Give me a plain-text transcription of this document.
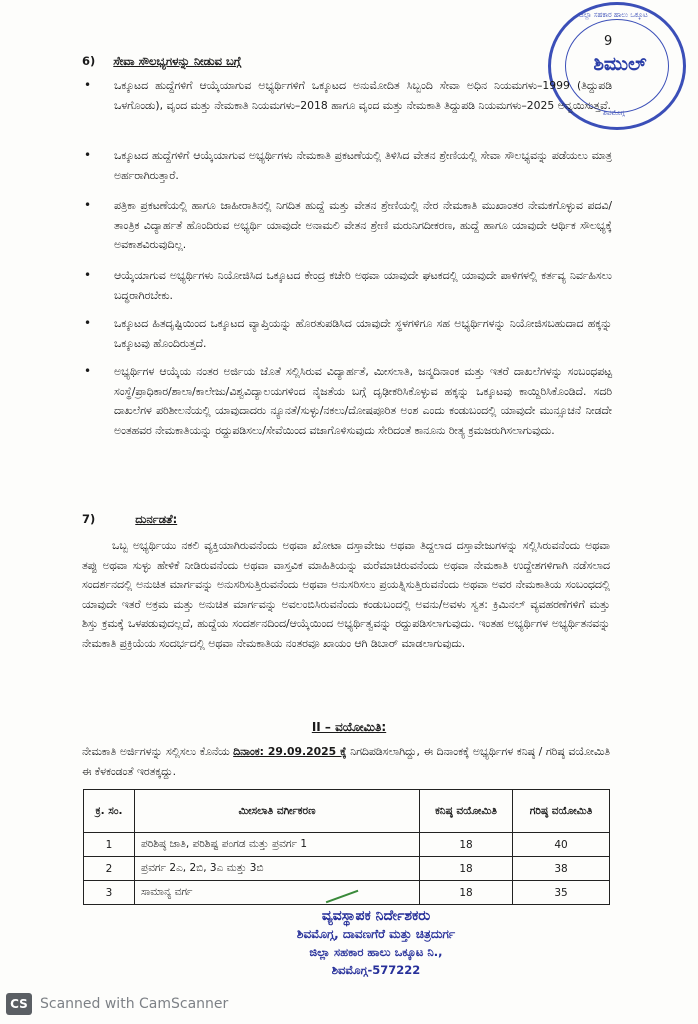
ಜಿಲ್ಲಾ ಸಹಕಾರ ಹಾಲು ಒಕ್ಕೂಟ
ಶಿಮುಲ್
ಶಿವಮೊಗ್ಗ
9
6) ಸೇವಾ ಸೌಲಭ್ಯಗಳನ್ನು ನೀಡುವ ಬಗ್ಗೆ
• ಒಕ್ಕೂಟದ ಹುದ್ದೆಗಳಿಗೆ ಆಯ್ಕೆಯಾಗುವ ಅಭ್ಯರ್ಥಿಗಳಿಗೆ ಒಕ್ಕೂಟದ ಅನುಮೋದಿತ ಸಿಬ್ಬಂದಿ ಸೇವಾ ಅಧಿನ ನಿಯಮಗಳು–1999 (ತಿದ್ದುಪಡಿ ಒಳಗೊಂಡು), ವೃಂದ ಮತ್ತು ನೇಮಕಾತಿ ನಿಯಮಗಳು–2018 ಹಾಗೂ ವೃಂದ ಮತ್ತು ನೇಮಕಾತಿ ತಿದ್ದುಪಡಿ ನಿಯಮಗಳು–2025 ಅನ್ವಯಿಸುತ್ತವೆ.
• ಒಕ್ಕೂಟದ ಹುದ್ದೆಗಳಿಗೆ ಆಯ್ಕೆಯಾಗುವ ಅಭ್ಯರ್ಥಿಗಳು ನೇಮಕಾತಿ ಪ್ರಕಟಣೆಯಲ್ಲಿ ತಿಳಿಸಿದ ವೇತನ ಶ್ರೇಣಿಯಲ್ಲಿ ಸೇವಾ ಸೌಲಭ್ಯವನ್ನು ಪಡೆಯಲು ಮಾತ್ರ ಅರ್ಹರಾಗಿರುತ್ತಾರೆ.
• ಪತ್ರಿಕಾ ಪ್ರಕಟಣೆಯಲ್ಲಿ ಹಾಗೂ ಜಾಹೀರಾತಿನಲ್ಲಿ ನಿಗದಿತ ಹುದ್ದೆ ಮತ್ತು ವೇತನ ಶ್ರೇಣಿಯಲ್ಲಿ ನೇರ ನೇಮಕಾತಿ ಮುಖಾಂತರ ನೇಮಕಗೊಳ್ಳುವ ಪದವಿ/ತಾಂತ್ರಿಕ ವಿದ್ಯಾರ್ಹತೆ ಹೊಂದಿರುವ ಅಭ್ಯರ್ಥಿ ಯಾವುದೇ ಅನಾಮಲಿ ವೇತನ ಶ್ರೇಣಿ ಮರುನಿಗದೀಕರಣ, ಹುದ್ದೆ ಹಾಗೂ ಯಾವುದೇ ಆರ್ಥಿಕ ಸೌಲಭ್ಯಕ್ಕೆ ಅವಕಾಶವಿರುವುದಿಲ್ಲ.
• ಆಯ್ಕೆಯಾಗುವ ಅಭ್ಯರ್ಥಿಗಳು ನಿಯೋಜಿಸಿದ ಒಕ್ಕೂಟದ ಕೇಂದ್ರ ಕಚೇರಿ ಅಥವಾ ಯಾವುದೇ ಘಟಕದಲ್ಲಿ ಯಾವುದೇ ಪಾಳಿಗಳಲ್ಲಿ ಕರ್ತವ್ಯ ನಿರ್ವಹಿಸಲು ಬದ್ಧರಾಗಿರಬೇಕು.
• ಒಕ್ಕೂಟದ ಹಿತದೃಷ್ಟಿಯಿಂದ ಒಕ್ಕೂಟದ ವ್ಯಾಪ್ತಿಯನ್ನು ಹೊರತುಪಡಿಸಿದ ಯಾವುದೇ ಸ್ಥಳಗಳಿಗೂ ಸಹ ಅಭ್ಯರ್ಥಿಗಳನ್ನು ನಿಯೋಜಿಸಬಹುದಾದ ಹಕ್ಕನ್ನು ಒಕ್ಕೂಟವು ಹೊಂದಿರುತ್ತದೆ.
• ಅಭ್ಯರ್ಥಿಗಳ ಆಯ್ಕೆಯ ನಂತರ ಅರ್ಜಿಯ ಜೊತೆ ಸಲ್ಲಿಸಿರುವ ವಿದ್ಯಾರ್ಹತೆ, ಮೀಸಲಾತಿ, ಜನ್ಮದಿನಾಂಕ ಮತ್ತು ಇತರೆ ದಾಖಲೆಗಳನ್ನು ಸಂಬಂಧಪಟ್ಟ ಸಂಸ್ಥೆ/ಪ್ರಾಧಿಕಾರ/ಶಾಲಾ/ಕಾಲೇಜು/ವಿಶ್ವವಿದ್ಯಾಲಯಗಳಿಂದ ನೈಜತೆಯ ಬಗ್ಗೆ ದೃಢೀಕರಿಸಿಕೊಳ್ಳುವ ಹಕ್ಕನ್ನು ಒಕ್ಕೂಟವು ಕಾಯ್ದಿರಿಸಿಕೊಂಡಿದೆ. ಸದರಿ ದಾಖಲೆಗಳ ಪರಿಶೀಲನೆಯಲ್ಲಿ ಯಾವುದಾದರು ನ್ಯೂನತೆ/ಸುಳ್ಳು/ನಕಲು/ದೋಷಪೂರಿತ ಅಂಶ ಎಂದು ಕಂಡುಬಂದಲ್ಲಿ ಯಾವುದೇ ಮುನ್ಸೂಚನೆ ನೀಡದೇ ಅಂತಹವರ ನೇಮಕಾತಿಯನ್ನು ರದ್ದುಪಡಿಸಲು/ಸೇವೆಯಿಂದ ವಜಾಗೊಳಿಸುವುದು ಸೇರಿದಂತೆ ಕಾನೂನು ರೀತ್ಯ ಕ್ರಮಜರುಗಿಸಲಾಗುವುದು.
7)	ದುರ್ನಡತೆ:
ಒಬ್ಬ ಅಭ್ಯರ್ಥಿಯು ನಕಲಿ ವ್ಯಕ್ತಿಯಾಗಿರುವನೆಂದು ಅಥವಾ ಖೋಟಾ ದಸ್ತಾವೇಜು ಅಥವಾ ತಿದ್ದಲಾದ ದಸ್ತಾವೇಜುಗಳನ್ನು ಸಲ್ಲಿಸಿರುವನೆಂದು ಅಥವಾ ತಪ್ಪು ಅಥವಾ ಸುಳ್ಳು ಹೇಳಿಕೆ ನೀಡಿರುವನೆಂದು ಅಥವಾ ವಾಸ್ತವಿಕ ಮಾಹಿತಿಯನ್ನು ಮರೆಮಾಚಿರುವನೆಂದು ಅಥವಾ ನೇಮಕಾತಿ ಉದ್ದೇಶಗಳಿಗಾಗಿ ನಡೆಸಲಾದ ಸಂದರ್ಶನದಲ್ಲಿ ಅನುಚಿತ ಮಾರ್ಗವನ್ನು ಅನುಸರಿಸುತ್ತಿರುವನೆಂದು ಅಥವಾ ಅನುಸರಿಸಲು ಪ್ರಯತ್ನಿಸುತ್ತಿರುವನೆಂದು ಅಥವಾ ಅವರ ನೇಮಕಾತಿಯ ಸಂಬಂಧದಲ್ಲಿ ಯಾವುದೇ ಇತರೆ ಅಕ್ರಮ ಮತ್ತು ಅನುಚಿತ ಮಾರ್ಗವನ್ನು ಅವಲಂಬಿಸಿರುವನೆಂದು ಕಂಡುಬಂದಲ್ಲಿ ಅವನು/ಅವಳು ಸ್ವತ: ಕ್ರಿಮಿನಲ್ ವ್ಯವಹರಣೆಗಳಿಗೆ ಮತ್ತು ಶಿಸ್ತು ಕ್ರಮಕ್ಕೆ ಒಳಪಡುವುದಲ್ಲದೆ, ಹುದ್ದೆಯ ಸಂದರ್ಶನದಿಂದ/ಆಯ್ಕೆಯಿಂದ ಅಭ್ಯರ್ಥಿತ್ವವನ್ನು ರದ್ದುಪಡಿಸಲಾಗುವುದು. ಇಂತಹ ಅಭ್ಯರ್ಥಿಗಳ ಅಭ್ಯರ್ಥಿತನವನ್ನು ನೇಮಕಾತಿ ಪ್ರಕ್ರಿಯೆಯ ಸಂದರ್ಭದಲ್ಲಿ ಅಥವಾ ನೇಮಕಾತಿಯ ನಂತರವೂ ಖಾಯಂ ಆಗಿ ಡಿಬಾರ್ ಮಾಡಲಾಗುವುದು.
II – ವಯೋಮಿತಿ:
ನೇಮಕಾತಿ ಅರ್ಜಿಗಳನ್ನು ಸಲ್ಲಿಸಲು ಕೊನೆಯ ದಿನಾಂಕ: 29.09.2025 ಕ್ಕೆ ನಿಗದಿಪಡಿಸಲಾಗಿದ್ದು, ಈ ದಿನಾಂಕಕ್ಕೆ ಅಭ್ಯರ್ಥಿಗಳ ಕನಿಷ್ಠ / ಗರಿಷ್ಠ ವಯೋಮಿತಿ ಈ ಕೆಳಕಂಡಂತೆ ಇರತಕ್ಕದ್ದು.
ಕ್ರ. ಸಂ.	ಮೀಸಲಾತಿ ವರ್ಗೀಕರಣ	ಕನಿಷ್ಠ ವಯೋಮಿತಿ	ಗರಿಷ್ಠ ವಯೋಮಿತಿ
1	ಪರಿಶಿಷ್ಠ ಜಾತಿ, ಪರಿಶಿಷ್ಟ ಪಂಗಡ ಮತ್ತು ಪ್ರವರ್ಗ 1	18	40
2	ಪ್ರವರ್ಗ 2ಎ, 2ಬಿ, 3ಎ ಮತ್ತು 3ಬಿ	18	38
3	ಸಾಮಾನ್ಯ ವರ್ಗ	18	35
ವ್ಯವಸ್ಥಾಪಕ ನಿರ್ದೇಶಕರು
ಶಿವಮೊಗ್ಗ, ದಾವಣಗೆರೆ ಮತ್ತು ಚಿತ್ರದುರ್ಗ
ಜಿಲ್ಲಾ ಸಹಕಾರ ಹಾಲು ಒಕ್ಕೂಟ ನಿ.,
ಶಿವಮೊಗ್ಗ-577222
CS Scanned with CamScanner
